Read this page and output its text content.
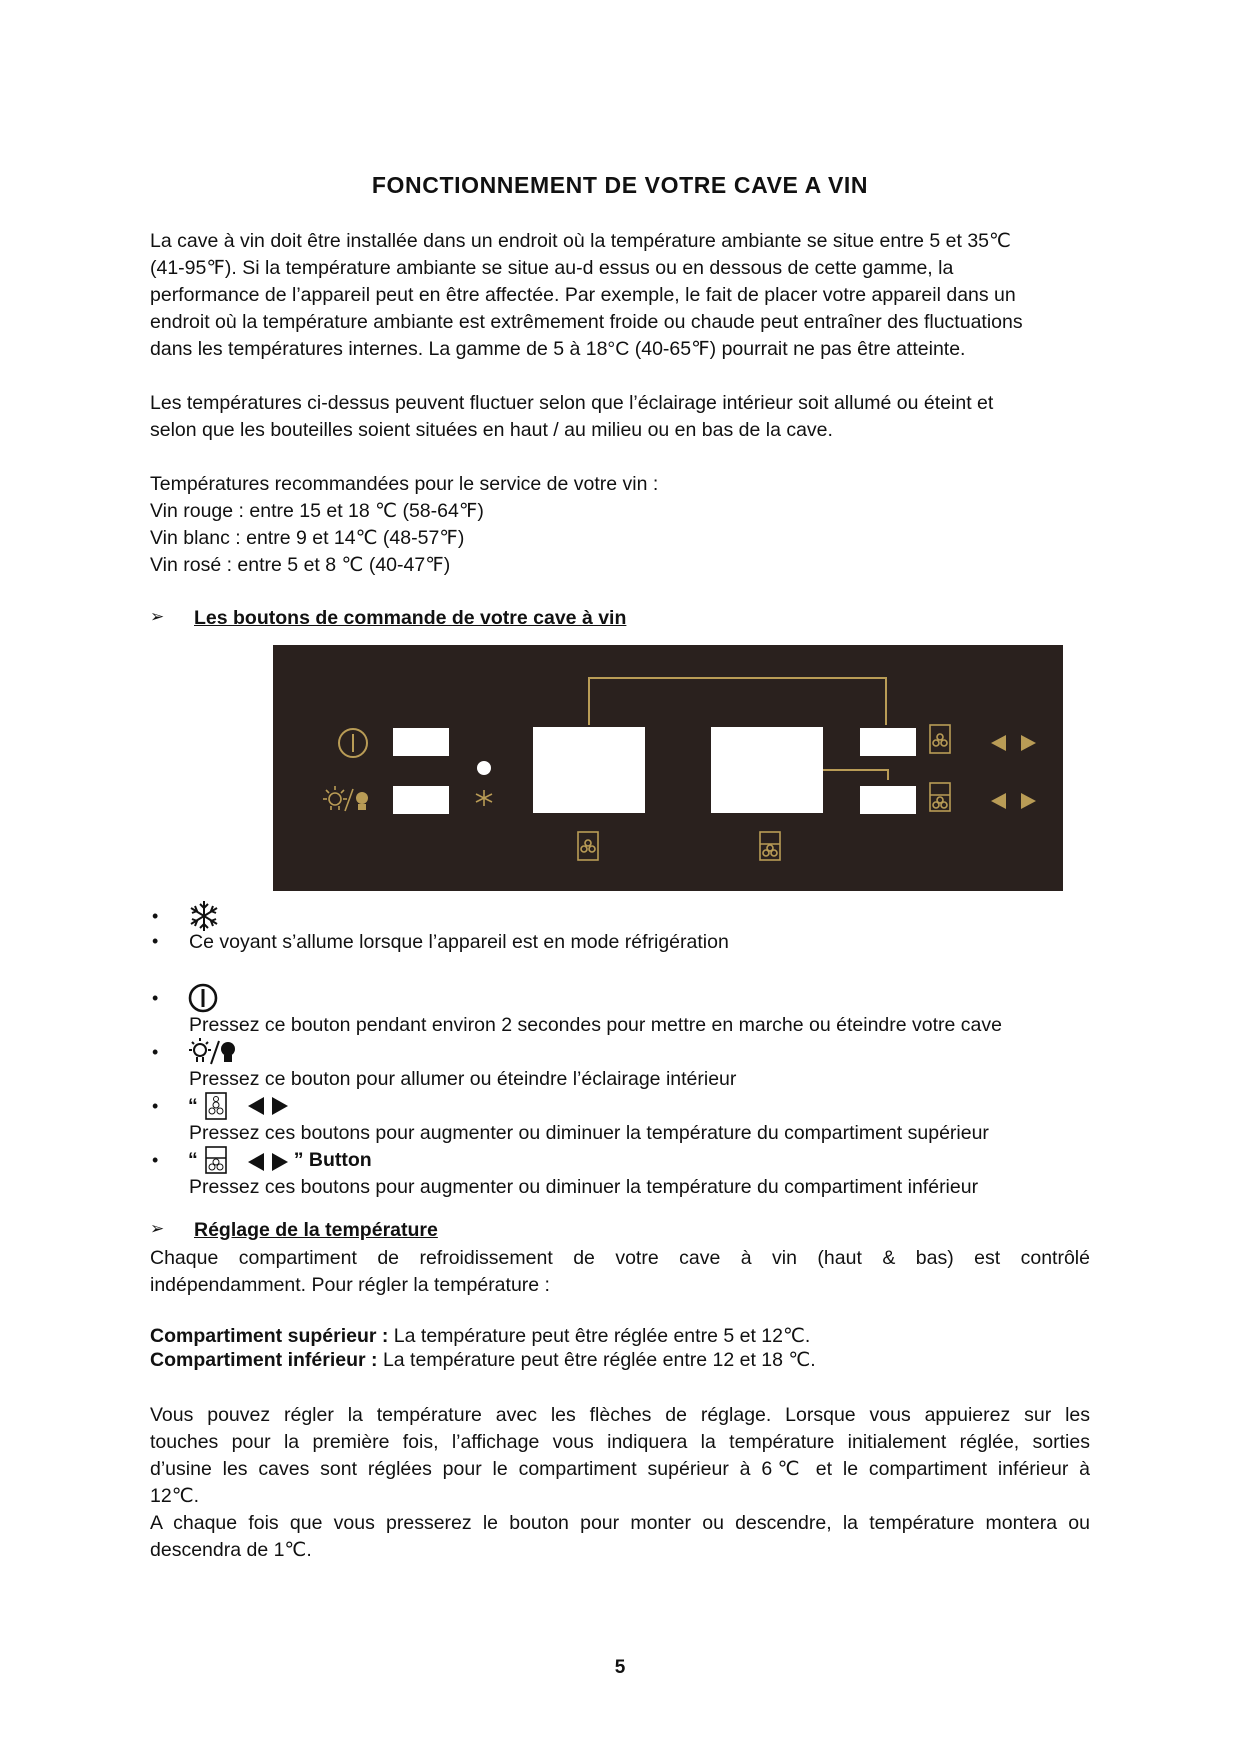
FONCTIONNEMENT DE VOTRE CAVE A VIN

La cave à vin doit être installée dans un endroit où la température ambiante se situe entre 5 et 35℃
(41-95℉). Si la température ambiante se situe au-d essus ou en dessous de cette gamme, la
performance de l’appareil peut en être affectée. Par exemple, le fait de placer votre appareil dans un
endroit où la température ambiante est extrêmement froide ou chaude peut entraîner des fluctuations
dans les températures internes. La gamme de 5 à 18°C (40-65℉) pourrait ne pas être atteinte.

Les températures ci-dessus peuvent fluctuer selon que l’éclairage intérieur soit allumé ou éteint et
selon que les bouteilles soient situées en haut / au milieu ou en bas de la cave.

Températures recommandées pour le service de votre vin :
Vin rouge : entre 15 et 18 ℃ (58-64℉)
Vin blanc : entre 9 et 14℃ (48-57℉)
Vin rosé : entre 5 et 8 ℃ (40-47℉)

➢ Les boutons de commande de votre cave à vin
•
• Ce voyant s’allume lorsque l’appareil est en mode réfrigération
•
Pressez ce bouton pendant environ 2 secondes pour mettre en marche ou éteindre votre cave
•
Pressez ce bouton pour allumer ou éteindre l’éclairage intérieur
• “
Pressez ces boutons pour augmenter ou diminuer la température du compartiment supérieur
• “	” Button
Pressez ces boutons pour augmenter ou diminuer la température du compartiment inférieur
➢ Réglage de la température

Chaque compartiment de refroidissement de votre cave à vin (haut & bas) est contrôlé
indépendamment. Pour régler la température :

Compartiment supérieur : La température peut être réglée entre 5 et 12℃.
Compartiment inférieur : La température peut être réglée entre 12 et 18 ℃.

Vous pouvez régler la température avec les flèches de réglage. Lorsque vous appuierez sur les
touches pour la première fois, l’affichage vous indiquera la température initialement réglée, sorties
d’usine les caves sont réglées pour le compartiment supérieur à 6℃ et le compartiment inférieur à
12℃.
A chaque fois que vous presserez le bouton pour monter ou descendre, la température montera ou
descendra de 1℃.

5
